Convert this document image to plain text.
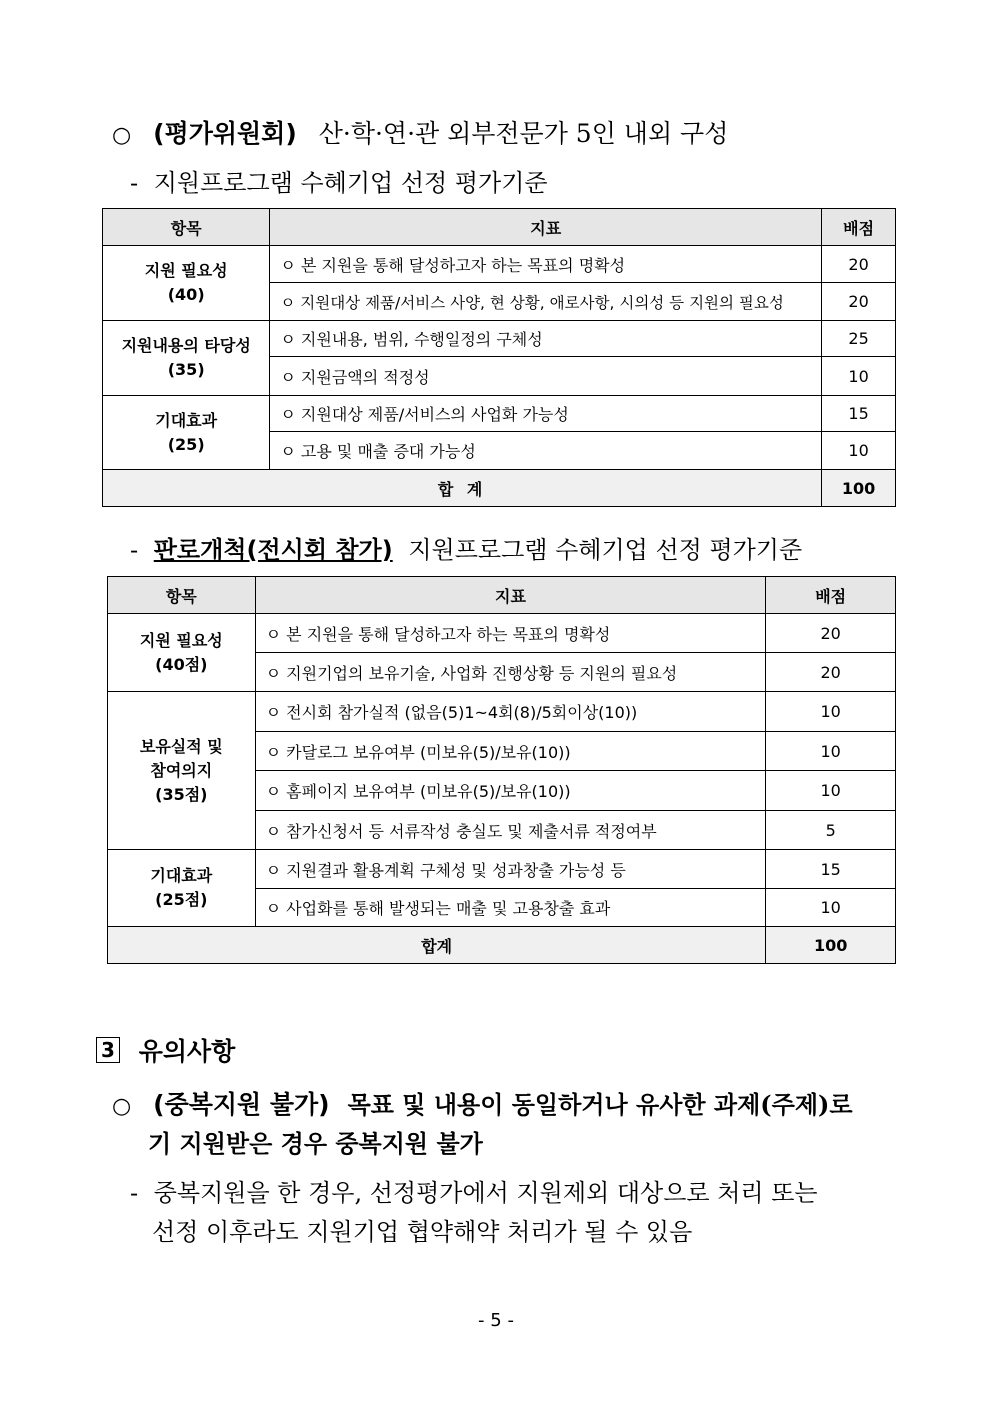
○ (평가위원회) 산·학·연·관 외부전문가 5인 내외 구성
- 지원프로그램 수혜기업 선정 평가기준
항목	지표	배점

지원 필요성
(40)	ㅇ 본 지원을 통해 달성하고자 하는 목표의 명확성	20
	ㅇ 지원대상 제품/서비스 사양, 현 상황, 애로사항, 시의성 등 지원의 필요성	20

지원내용의 타당성
(35)	ㅇ 지원내용, 범위, 수행일정의 구체성	25
	ㅇ 지원금액의 적정성	10

기대효과
(25)	ㅇ 지원대상 제품/서비스의 사업화 가능성	15
	ㅇ 고용 및 매출 증대 가능성	10
합 계		100
- 판로개척(전시회 참가) 지원프로그램 수혜기업 선정 평가기준
항목	지표	배점

지원 필요성
(40점)	ㅇ 본 지원을 통해 달성하고자 하는 목표의 명확성	20
	ㅇ 지원기업의 보유기술, 사업화 진행상황 등 지원의 필요성	20

보유실적 및
참여의지
(35점)	ㅇ 전시회 참가실적 (없음(5)1~4회(8)/5회이상(10))	10
	ㅇ 카달로그 보유여부 (미보유(5)/보유(10))	10
	ㅇ 홈페이지 보유여부 (미보유(5)/보유(10))	10
	ㅇ 참가신청서 등 서류작성 충실도 및 제출서류 적정여부	5

기대효과
(25점)	ㅇ 지원결과 활용계획 구체성 및 성과창출 가능성 등	15
	ㅇ 사업화를 통해 발생되는 매출 및 고용창출 효과	10
합계		100
3 유의사항
○ (중복지원 불가) 목표 및 내용이 동일하거나 유사한 과제(주제)로
기 지원받은 경우 중복지원 불가
- 중복지원을 한 경우, 선정평가에서 지원제외 대상으로 처리 또는
선정 이후라도 지원기업 협약해약 처리가 될 수 있음
- 5 -
